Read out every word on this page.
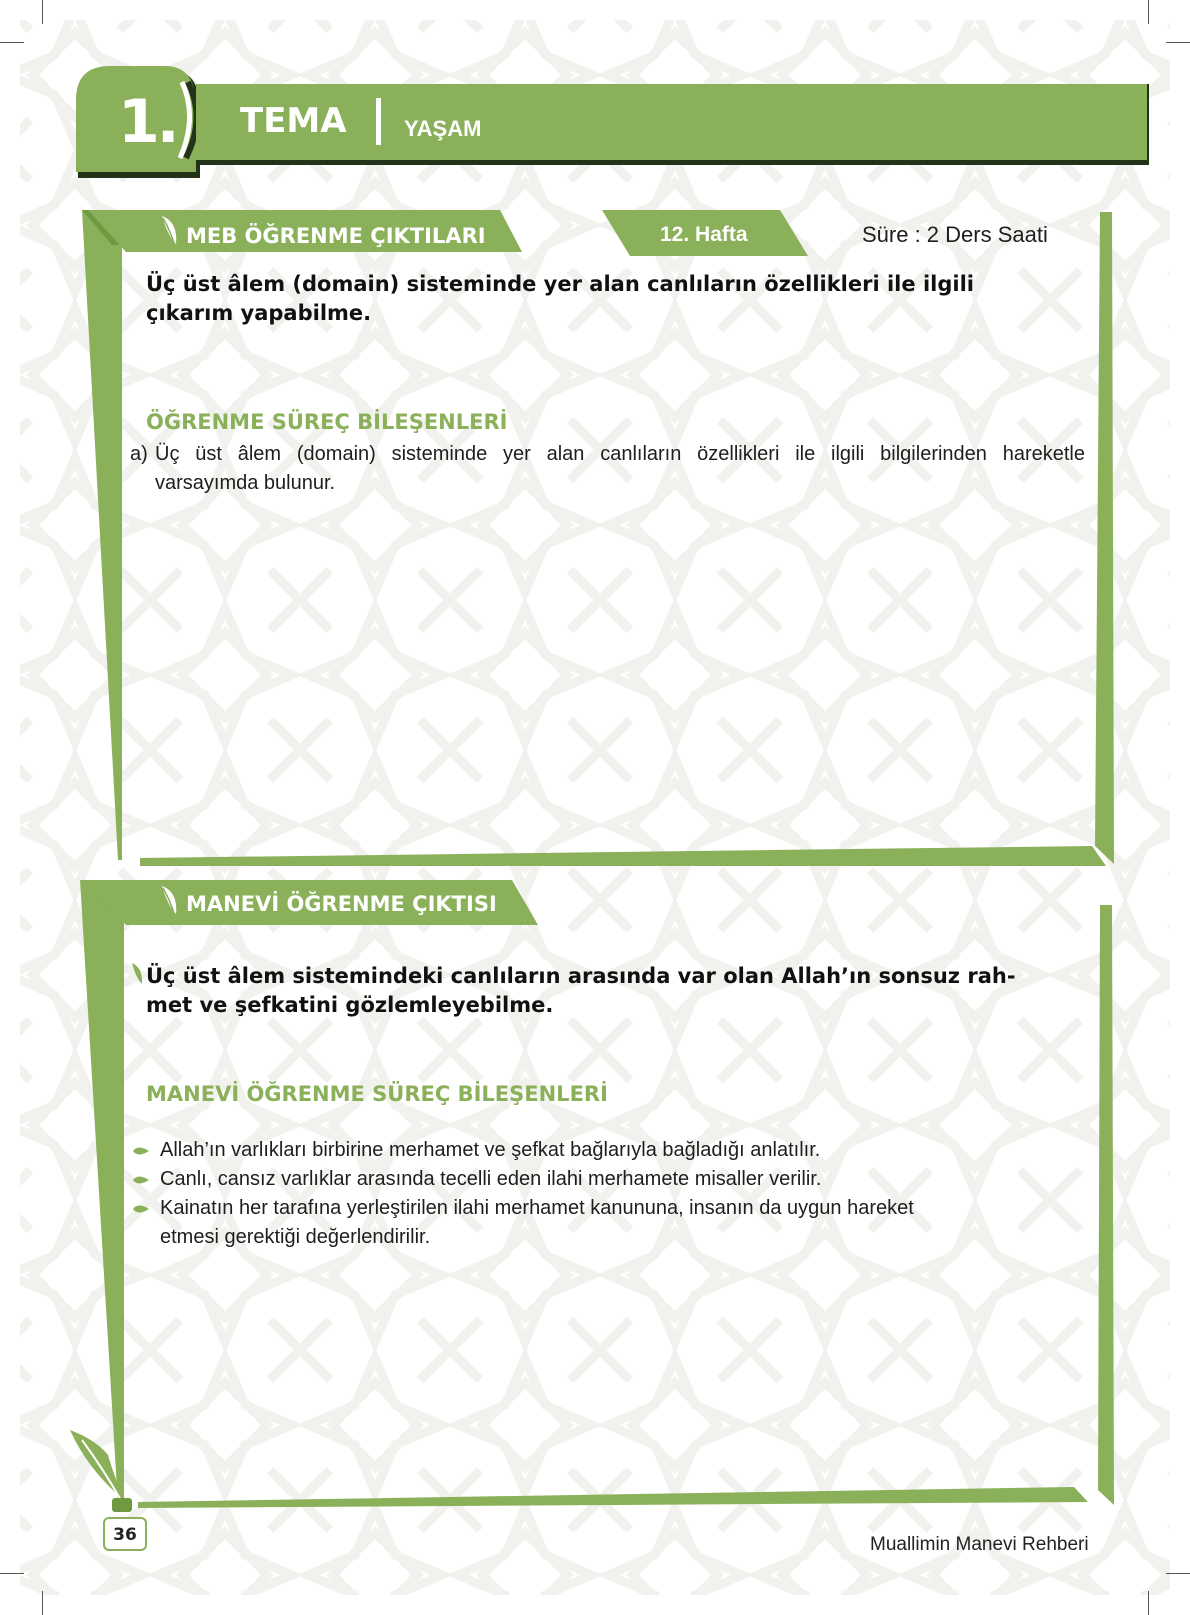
1. TEMA	YAŞAM
MEB ÖĞRENME ÇIKTILARI	12. Hafta	Süre : 2 Ders Saati

Üç üst âlem (domain) sisteminde yer alan canlıların özellikleri ile ilgili çıkarım yapabilme.

ÖĞRENME SÜREÇ BİLEŞENLERİ
a) Üç üst âlem (domain) sisteminde yer alan canlıların özellikleri ile ilgili bilgilerinden hareketle
varsayımda bulunur.
MANEVİ ÖĞRENME ÇIKTISI

Üç üst âlem sistemindeki canlıların arasında var olan Allah’ın sonsuz rah-

met ve şefkatini gözlemleyebilme.

MANEVİ ÖĞRENME SÜREÇ BİLEŞENLERİ
Allah’ın varlıkları birbirine merhamet ve şefkat bağlarıyla bağladığı anlatılır.
Canlı, cansız varlıklar arasında tecelli eden ilahi merhamete misaller verilir.
Kainatın her tarafına yerleştirilen ilahi merhamet kanununa, insanın da uygun hareket etmesi gerektiği değerlendirilir.
36	Muallimin Manevi Rehberi
